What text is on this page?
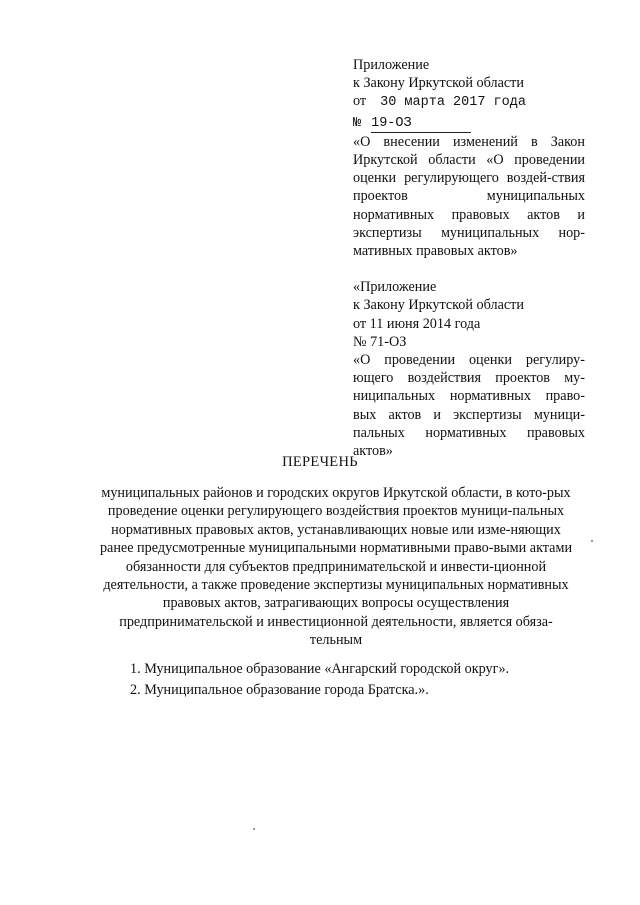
Приложение
к Закону Иркутской области
от 30 марта 2017 года
№ 19-ОЗ
«О внесении изменений в Закон Иркутской области «О проведении оценки регулирующего воздей-ствия проектов муниципальных нормативных правовых актов и экспертизы муниципальных нор-мативных правовых актов»
«Приложение
к Закону Иркутской области
от 11 июня 2014 года
№ 71-ОЗ
«О проведении оценки регулиру-ющего воздействия проектов му-ниципальных нормативных право-вых актов и экспертизы муници-пальных нормативных правовых актов»
ПЕРЕЧЕНЬ
муниципальных районов и городских округов Иркутской области, в кото-рых проведение оценки регулирующего воздействия проектов муници-пальных нормативных правовых актов, устанавливающих новые или изме-няющих ранее предусмотренные муниципальными нормативными право-выми актами обязанности для субъектов предпринимательской и инвести-ционной деятельности, а также проведение экспертизы муниципальных нормативных правовых актов, затрагивающих вопросы осуществления предпринимательской и инвестиционной деятельности, является обяза-тельным
1. Муниципальное образование «Ангарский городской округ».
2. Муниципальное образование города Братска.».
